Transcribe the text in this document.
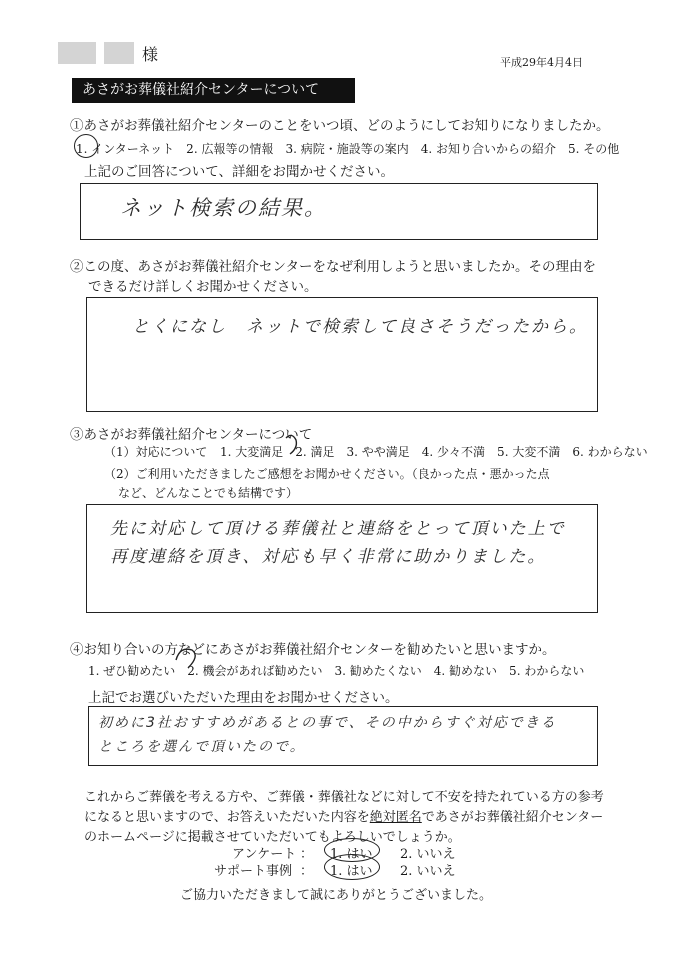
様	平成29年4月4日
あさがお葬儀社紹介センターについて
①あさがお葬儀社紹介センターのことをいつ頃、どのようにしてお知りになりましたか。
1. インターネット　2. 広報等の情報　3. 病院・施設等の案内　4. お知り合いからの紹介　5. その他
上記のご回答について、詳細をお聞かせください。
ネット検索の結果。
②この度、あさがお葬儀社紹介センターをなぜ利用しようと思いましたか。その理由を
できるだけ詳しくお聞かせください。
とくになし　ネットで検索して良さそうだったから。
③あさがお葬儀社紹介センターについて
（1）対応について 1. 大変満足　2. 満足　3. やや満足　4. 少々不満　5. 大変不満　6. わからない
（2）ご利用いただきましたご感想をお聞かせください。（良かった点・悪かった点
など、どんなことでも結構です）
先に対応して頂ける葬儀社と連絡をとって頂いた上で
再度連絡を頂き、対応も早く非常に助かりました。
④お知り合いの方などにあさがお葬儀社紹介センターを勧めたいと思いますか。
1. ぜひ勧めたい　2. 機会があれば勧めたい　3. 勧めたくない　4. 勧めない　5. わからない
上記でお選びいただいた理由をお聞かせください。
初めに3社おすすめがあるとの事で、その中からすぐ対応できる
ところを選んで頂いたので。
これからご葬儀を考える方や、ご葬儀・葬儀社などに対して不安を持たれている方の参考
になると思いますので、お答えいただいた内容を絶対匿名であさがお葬儀社紹介センター
のホームページに掲載させていただいてもよろしいでしょうか。
アンケート ： 1. はい 2. いいえ
サポート事例 ： 1. はい 2. いいえ
ご協力いただきまして誠にありがとうございました。
